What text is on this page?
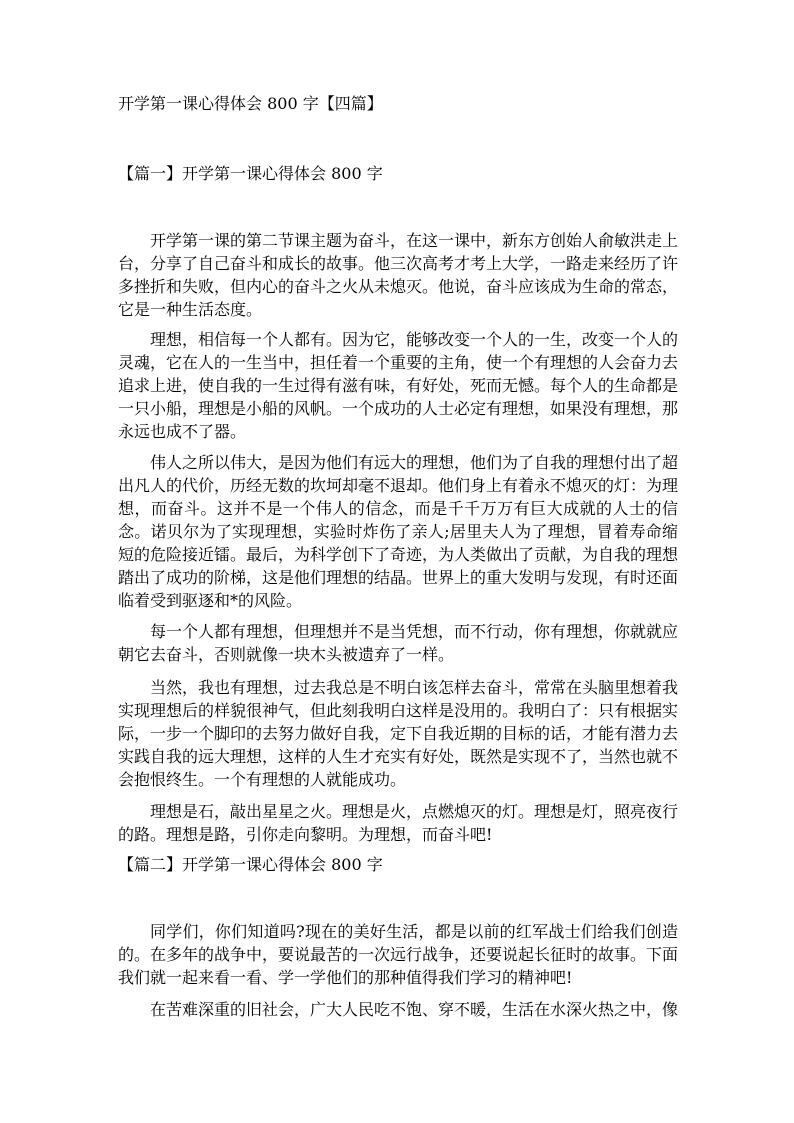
开学第一课心得体会 800 字【四篇】
【篇一】开学第一课心得体会 800 字

开学第一课的第二节课主题为奋斗，在这一课中，新东方创始人俞敏洪走上台，分享了自己奋斗和成长的故事。他三次高考才考上大学，一路走来经历了许多挫折和失败，但内心的奋斗之火从未熄灭。他说，奋斗应该成为生命的常态，它是一种生活态度。

理想，相信每一个人都有。因为它，能够改变一个人的一生，改变一个人的灵魂，它在人的一生当中，担任着一个重要的主角，使一个有理想的人会奋力去追求上进，使自我的一生过得有滋有味，有好处，死而无憾。每个人的生命都是一只小船，理想是小船的风帆。一个成功的人士必定有理想，如果没有理想，那永远也成不了器。

伟人之所以伟大，是因为他们有远大的理想，他们为了自我的理想付出了超出凡人的代价，历经无数的坎坷却毫不退却。他们身上有着永不熄灭的灯：为理想，而奋斗。这并不是一个伟人的信念，而是千千万万有巨大成就的人士的信念。诺贝尔为了实现理想，实验时炸伤了亲人;居里夫人为了理想，冒着寿命缩短的危险接近镭。最后，为科学创下了奇迹，为人类做出了贡献，为自我的理想踏出了成功的阶梯，这是他们理想的结晶。世界上的重大发明与发现，有时还面临着受到驱逐和*的风险。

每一个人都有理想，但理想并不是当凭想，而不行动，你有理想，你就就应朝它去奋斗，否则就像一块木头被遗弃了一样。

当然，我也有理想，过去我总是不明白该怎样去奋斗，常常在头脑里想着我实现理想后的样貌很神气，但此刻我明白这样是没用的。我明白了：只有根据实际，一步一个脚印的去努力做好自我，定下自我近期的目标的话，才能有潜力去实践自我的远大理想，这样的人生才充实有好处，既然是实现不了，当然也就不会抱恨终生。一个有理想的人就能成功。

理想是石，敲出星星之火。理想是火，点燃熄灭的灯。理想是灯，照亮夜行的路。理想是路，引你走向黎明。为理想，而奋斗吧!

【篇二】开学第一课心得体会 800 字

同学们，你们知道吗?现在的美好生活，都是以前的红军战士们给我们创造的。在多年的战争中，要说最苦的一次远行战争，还要说起长征时的故事。下面我们就一起来看一看、学一学他们的那种值得我们学习的精神吧!

在苦难深重的旧社会，广大人民吃不饱、穿不暖，生活在水深火热之中，像
